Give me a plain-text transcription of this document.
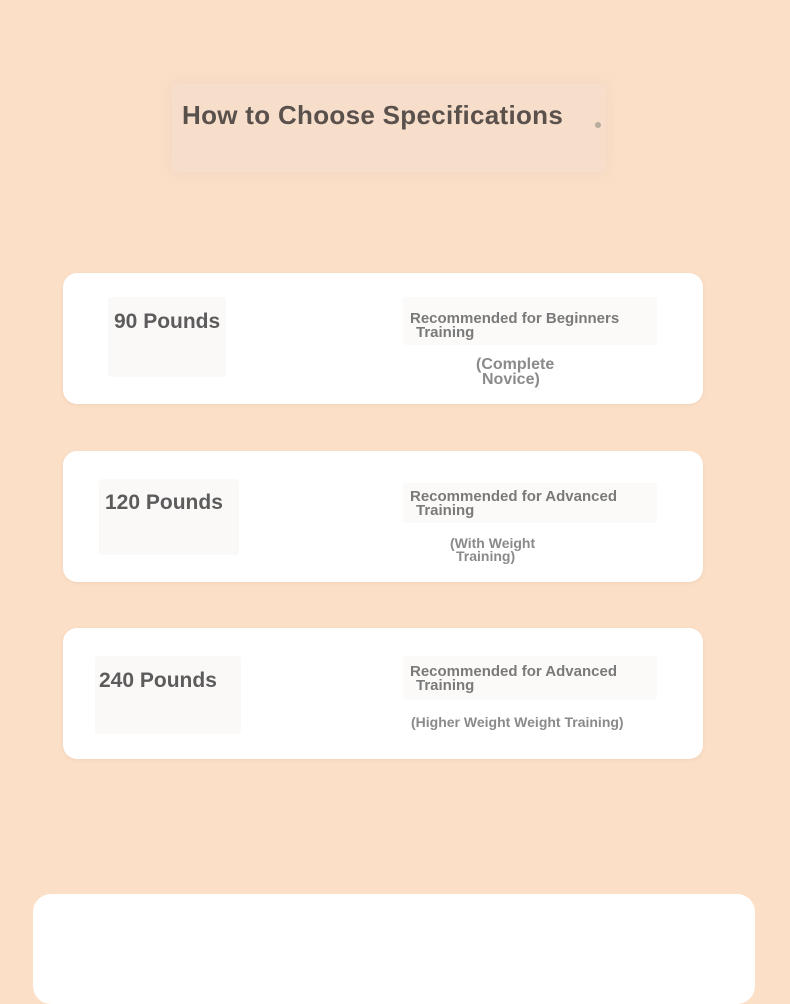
How to Choose Specifications
90 Pounds	Recommended for Beginners
Training
(Complete
Novice)
120 Pounds	Recommended for Advanced
Training
(With Weight
Training)
240 Pounds	Recommended for Advanced
Training
(Higher Weight Weight Training)
